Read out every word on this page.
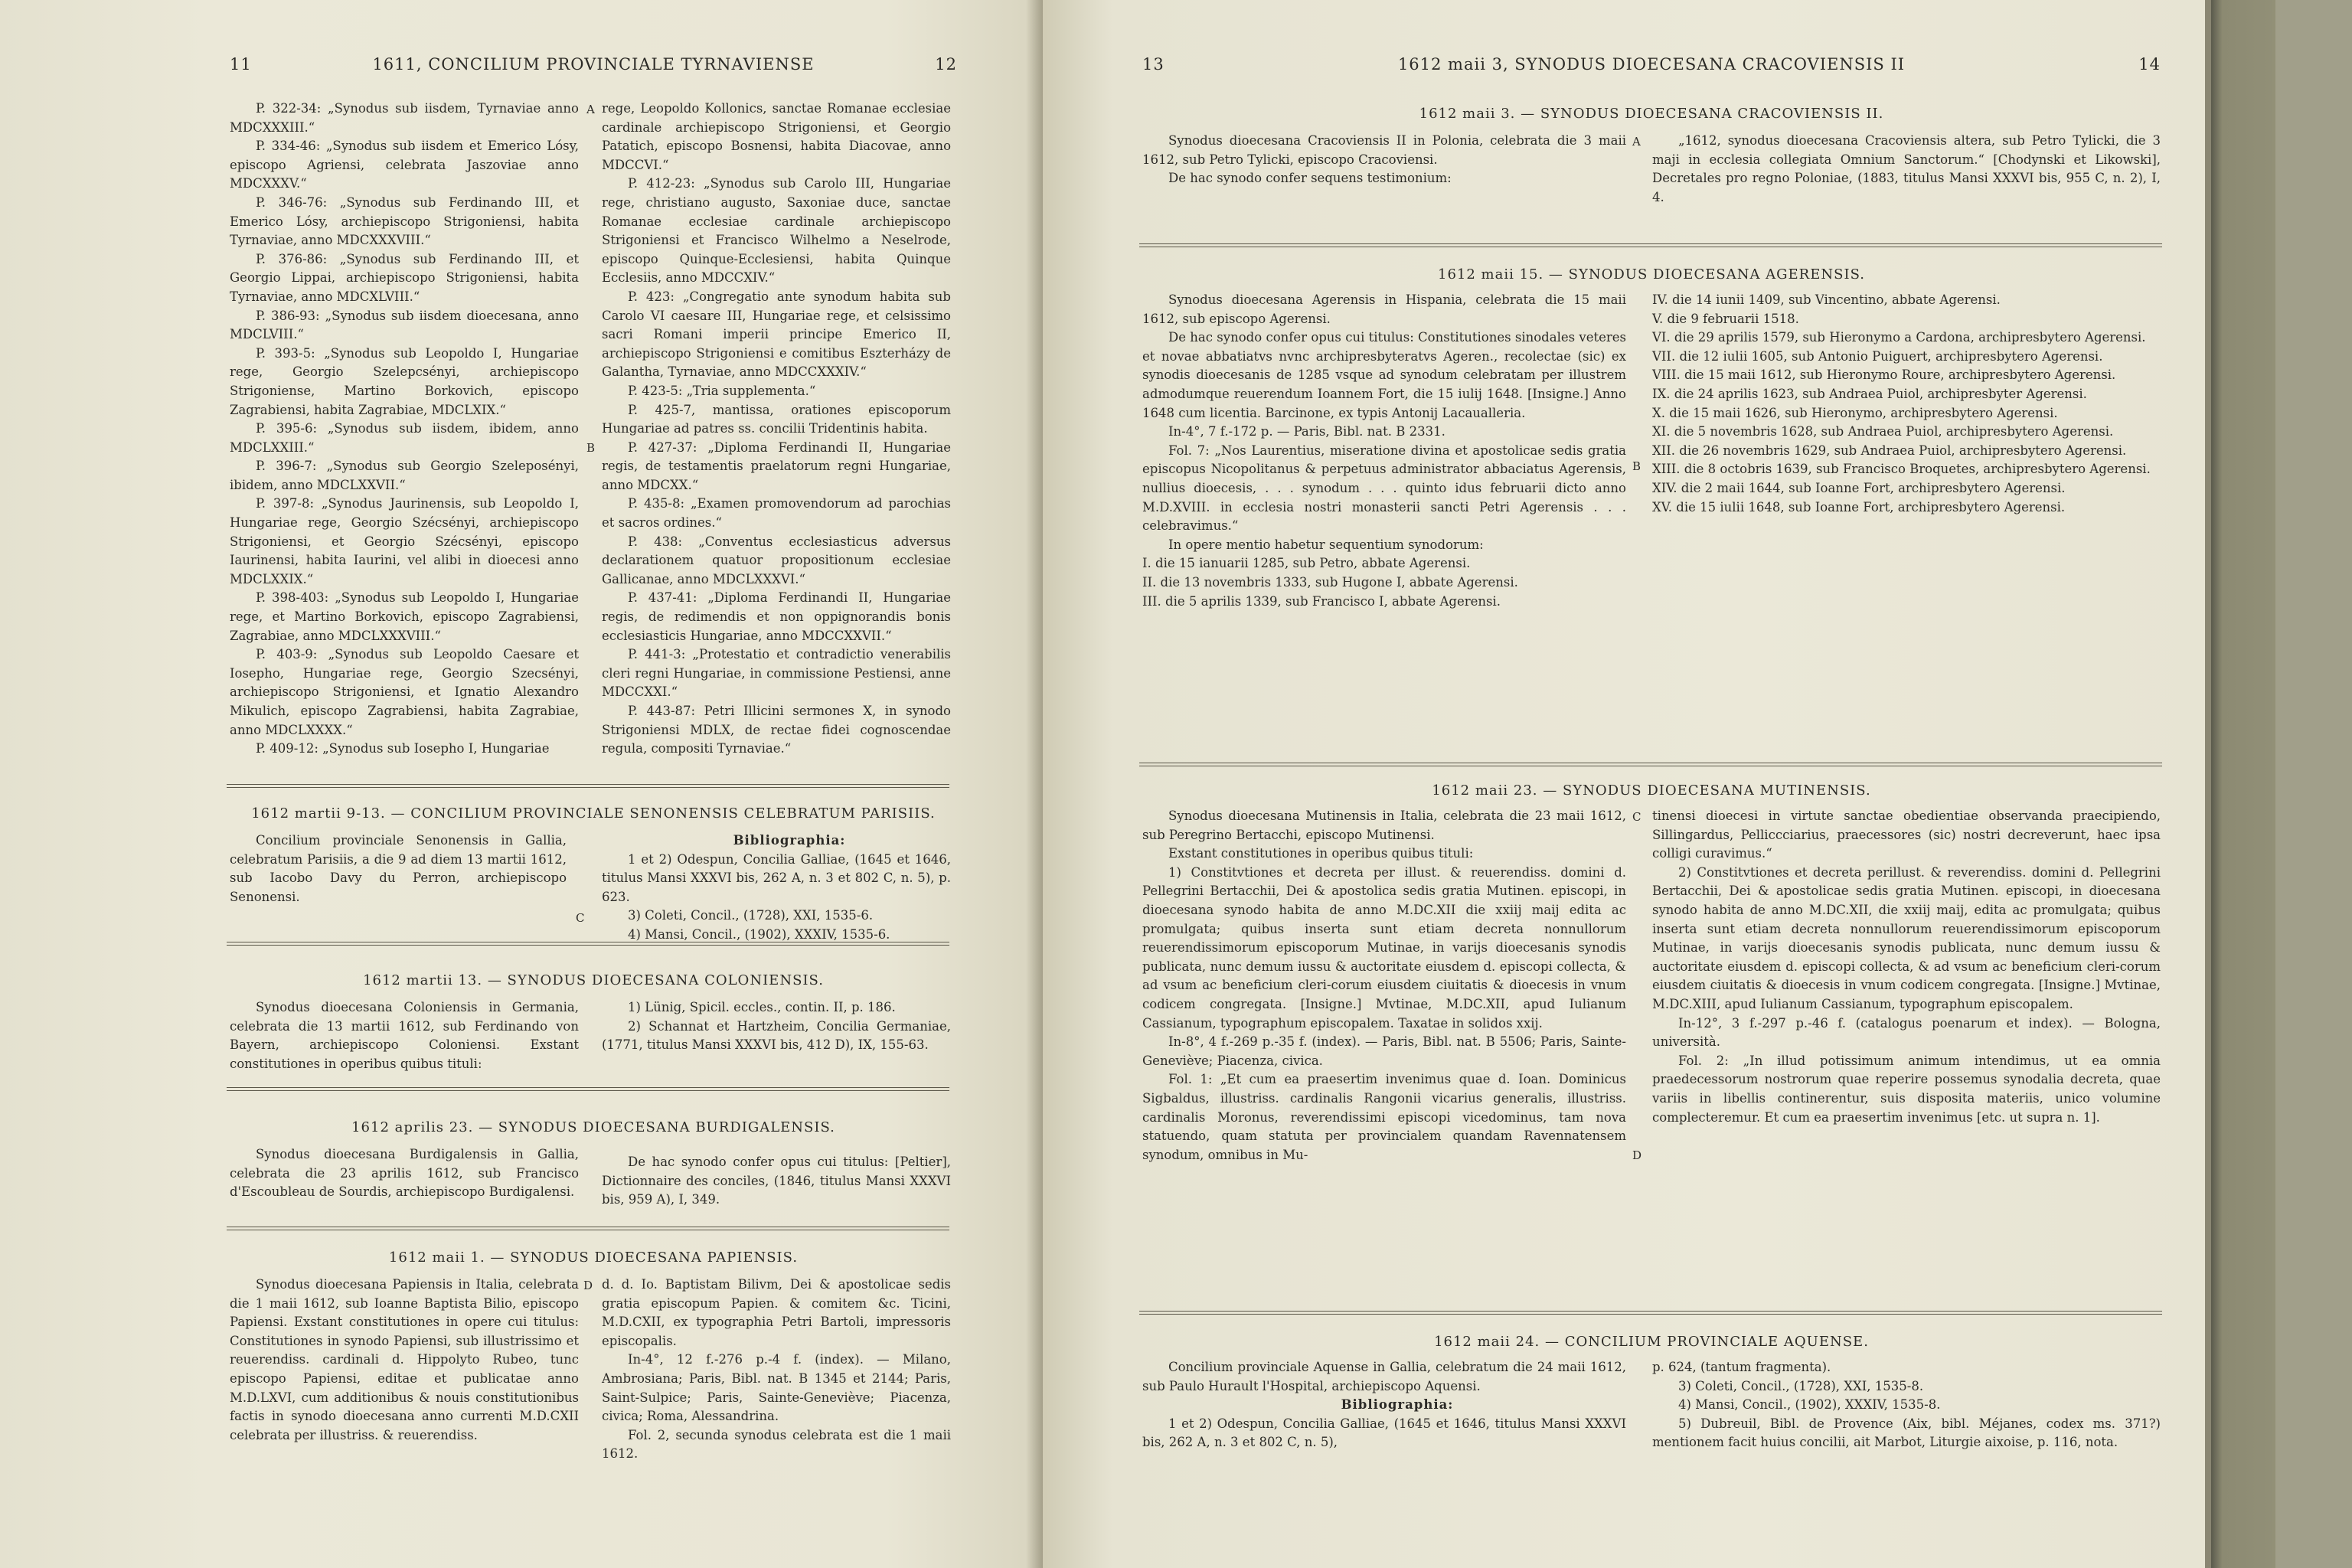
11	1611, CONCILIUM PROVINCIALE TYRNAVIENSE	12

P. 322-34: „Synodus sub iisdem, Tyrnaviae anno MDCXXXIII.“

P. 334-46: „Synodus sub iisdem et Emerico Lósy, episcopo Agriensi, celebrata Jaszoviae anno MDCXXXV.“

P. 346-76: „Synodus sub Ferdinando III, et Emerico Lósy, archiepiscopo Strigoniensi, habita Tyrnaviae, anno MDCXXXVIII.“

P. 376-86: „Synodus sub Ferdinando III, et Georgio Lippai, archiepiscopo Strigoniensi, habita Tyrnaviae, anno MDCXLVIII.“

P. 386-93: „Synodus sub iisdem dioecesana, anno MDCLVIII.“

P. 393-5: „Synodus sub Leopoldo I, Hungariae rege, Georgio Szelepcsényi, archiepiscopo Strigoniense, Martino Borkovich, episcopo Zagrabiensi, habita Zagrabiae, MDCLXIX.“

P. 395-6: „Synodus sub iisdem, ibidem, anno MDCLXXIII.“

P. 396-7: „Synodus sub Georgio Szeleposényi, ibidem, anno MDCLXXVII.“

P. 397-8: „Synodus Jaurinensis, sub Leopoldo I, Hungariae rege, Georgio Szécsényi, archiepiscopo Strigoniensi, et Georgio Szécsényi, episcopo Iaurinensi, habita Iaurini, vel alibi in dioecesi anno MDCLXXIX.“

P. 398-403: „Synodus sub Leopoldo I, Hungariae rege, et Martino Borkovich, episcopo Zagrabiensi, Zagrabiae, anno MDCLXXXVIII.“

P. 403-9: „Synodus sub Leopoldo Caesare et Iosepho, Hungariae rege, Georgio Szecsényi, archiepiscopo Strigoniensi, et Ignatio Alexandro Mikulich, episcopo Zagrabiensi, habita Zagrabiae, anno MDCLXXXX.“

P. 409-12: „Synodus sub Iosepho I, Hungariae

A
B

rege, Leopoldo Kollonics, sanctae Romanae ecclesiae cardinale archiepiscopo Strigoniensi, et Georgio Patatich, episcopo Bosnensi, habita Diacovae, anno MDCCVI.“

P. 412-23: „Synodus sub Carolo III, Hungariae rege, christiano augusto, Saxoniae duce, sanctae Romanae ecclesiae cardinale archiepiscopo Strigoniensi et Francisco Wilhelmo a Neselrode, episcopo Quinque-Ecclesiensi, habita Quinque Ecclesiis, anno MDCCXIV.“

P. 423: „Congregatio ante synodum habita sub Carolo VI caesare III, Hungariae rege, et celsissimo sacri Romani imperii principe Emerico II, archiepiscopo Strigoniensi e comitibus Eszterházy de Galantha, Tyrnaviae, anno MDCCXXXIV.“

P. 423-5: „Tria supplementa.“

P. 425-7, mantissa, orationes episcoporum Hungariae ad patres ss. concilii Tridentinis habita.

P. 427-37: „Diploma Ferdinandi II, Hungariae regis, de testamentis praelatorum regni Hungariae, anno MDCXX.“

P. 435-8: „Examen promovendorum ad parochias et sacros ordines.“

P. 438: „Conventus ecclesiasticus adversus declarationem quatuor propositionum ecclesiae Gallicanae, anno MDCLXXXVI.“

P. 437-41: „Diploma Ferdinandi II, Hungariae regis, de redimendis et non oppignorandis bonis ecclesiasticis Hungariae, anno MDCCXXVII.“

P. 441-3: „Protestatio et contradictio venerabilis cleri regni Hungariae, in commissione Pestiensi, anne MDCCXXI.“

P. 443-87: Petri Illicini sermones X, in synodo Strigoniensi MDLX, de rectae fidei cognoscendae regula, compositi Tyrnaviae.“

1612 martii 9-13. — CONCILIUM PROVINCIALE SENONENSIS CELEBRATUM PARISIIS.

Concilium provinciale Senonensis in Gallia, celebratum Parisiis, a die 9 ad diem 13 martii 1612, sub Iacobo Davy du Perron, archiepiscopo Senonensi.

Bibliographia:

1 et 2) Odespun, Concilia Galliae, (1645 et 1646, titulus Mansi XXXVI bis, 262 A, n. 3 et 802 C, n. 5), p. 623.

3) Coleti, Concil., (1728), XXI, 1535-6.

4) Mansi, Concil., (1902), XXXIV, 1535-6.

C
1612 martii 13. — SYNODUS DIOECESANA COLONIENSIS.

Synodus dioecesana Coloniensis in Germania, celebrata die 13 martii 1612, sub Ferdinando von Bayern, archiepiscopo Coloniensi. Exstant constitutiones in operibus quibus tituli:

1) Lünig, Spicil. eccles., contin. II, p. 186.

2) Schannat et Hartzheim, Concilia Germaniae, (1771, titulus Mansi XXXVI bis, 412 D), IX, 155-63.

1612 aprilis 23. — SYNODUS DIOECESANA BURDIGALENSIS.

Synodus dioecesana Burdigalensis in Gallia, celebrata die 23 aprilis 1612, sub Francisco d'Escoubleau de Sourdis, archiepiscopo Burdigalensi.

De hac synodo confer opus cui titulus: [Peltier], Dictionnaire des conciles, (1846, titulus Mansi XXXVI bis, 959 A), I, 349.

1612 maii 1. — SYNODUS DIOECESANA PAPIENSIS.

Synodus dioecesana Papiensis in Italia, celebrata die 1 maii 1612, sub Ioanne Baptista Bilio, episcopo Papiensi. Exstant constitutiones in opere cui titulus: Constitutiones in synodo Papiensi, sub illustrissimo et reuerendiss. cardinali d. Hippolyto Rubeo, tunc episcopo Papiensi, editae et publicatae anno M.D.LXVI, cum additionibus & nouis constitutionibus factis in synodo dioecesana anno currenti M.D.CXII celebrata per illustriss. & reuerendiss.

D d. d. Io. Baptistam Bilivm, Dei & apostolicae sedis gratia episcopum Papien. & comitem &c. Ticini, M.D.CXII, ex typographia Petri Bartoli, impressoris episcopalis.

In-4°, 12 f.-276 p.-4 f. (index). — Milano, Ambrosiana; Paris, Bibl. nat. B 1345 et 2144; Paris, Saint-Sulpice; Paris, Sainte-Geneviève; Piacenza, civica; Roma, Alessandrina.

Fol. 2, secunda synodus celebrata est die 1 maii 1612.

13	1612 maii 3, SYNODUS DIOECESANA CRACOVIENSIS II	14
1612 maii 3. — SYNODUS DIOECESANA CRACOVIENSIS II.

Synodus dioecesana Cracoviensis II in Polonia, celebrata die 3 maii 1612, sub Petro Tylicki, episcopo Cracoviensi.

De hac synodo confer sequens testimonium:

A	„1612, synodus dioecesana Cracoviensis altera, sub Petro Tylicki, die 3 maji in ecclesia collegiata Omnium Sanctorum.“ [Chodynski et Likowski], Decretales pro regno Poloniae, (1883, titulus Mansi XXXVI bis, 955 C, n. 2), I, 4.

1612 maii 15. — SYNODUS DIOECESANA AGERENSIS.

Synodus dioecesana Agerensis in Hispania, celebrata die 15 maii 1612, sub episcopo Agerensi.

De hac synodo confer opus cui titulus: Constitutiones sinodales veteres et novae abbatiatvs nvnc archipresbyteratvs Ageren., recolectae (sic) ex synodis dioecesanis de 1285 vsque ad synodum celebratam per illustrem admodumque reuerendum Ioannem Fort, die 15 iulij 1648. [Insigne.] Anno 1648 cum licentia. Barcinone, ex typis Antonij Lacaualleria.

In-4°, 7 f.-172 p. — Paris, Bibl. nat. B 2331.

Fol. 7: „Nos Laurentius, miseratione divina et apostolicae sedis gratia episcopus Nicopolitanus & perpetuus administrator abbaciatus Agerensis, nullius dioecesis, . . . synodum . . . quinto idus februarii dicto anno M.D.XVIII. in ecclesia nostri monasterii sancti Petri Agerensis . . . celebravimus.“

In opere mentio habetur sequentium synodorum:

I. die 15 ianuarii 1285, sub Petro, abbate Agerensi.

II. die 13 novembris 1333, sub Hugone I, abbate Agerensi.

III. die 5 aprilis 1339, sub Francisco I, abbate Agerensi.

B

IV. die 14 iunii 1409, sub Vincentino, abbate Agerensi.

V. die 9 februarii 1518.

VI. die 29 aprilis 1579, sub Hieronymo a Cardona, archipresbytero Agerensi.

VII. die 12 iulii 1605, sub Antonio Puiguert, archipresbytero Agerensi.

VIII. die 15 maii 1612, sub Hieronymo Roure, archipresbytero Agerensi.

IX. die 24 aprilis 1623, sub Andraea Puiol, archipresbyter Agerensi.

X. die 15 maii 1626, sub Hieronymo, archipresbytero Agerensi.

XI. die 5 novembris 1628, sub Andraea Puiol, archipresbytero Agerensi.

XII. die 26 novembris 1629, sub Andraea Puiol, archipresbytero Agerensi.

XIII. die 8 octobris 1639, sub Francisco Broquetes, archipresbytero Agerensi.

XIV. die 2 maii 1644, sub Ioanne Fort, archipresbytero Agerensi.

XV. die 15 iulii 1648, sub Ioanne Fort, archipresbytero Agerensi.

1612 maii 23. — SYNODUS DIOECESANA MUTINENSIS.

Synodus dioecesana Mutinensis in Italia, celebrata die 23 maii 1612, sub Peregrino Bertacchi, episcopo Mutinensi.

Exstant constitutiones in operibus quibus tituli:

1) Constitvtiones et decreta per illust. & reuerendiss. domini d. Pellegrini Bertacchii, Dei & apostolica sedis gratia Mutinen. episcopi, in dioecesana synodo habita de anno M.DC.XII die xxiij maij edita ac promulgata; quibus inserta sunt etiam decreta nonnullorum reuerendissimorum episcoporum Mutinae, in varijs dioecesanis synodis publicata, nunc demum iussu & auctoritate eiusdem d. episcopi collecta, & ad vsum ac beneficium cleri-corum eiusdem ciuitatis & dioecesis in vnum codicem congregata. [Insigne.] Mvtinae, M.DC.XII, apud Iulianum Cassianum, typographum episcopalem. Taxatae in solidos xxij.

In-8°, 4 f.-269 p.-35 f. (index). — Paris, Bibl. nat. B 5506; Paris, Sainte-Geneviève; Piacenza, civica.

Fol. 1: „Et cum ea praesertim invenimus quae d. Ioan. Dominicus Sigbaldus, illustriss. cardinalis Rangonii vicarius generalis, illustriss. cardinalis Moronus, reverendissimi episcopi vicedominus, tam nova statuendo, quam statuta per provincialem quandam Ravennatensem synodum, omnibus in Mu-

C
D

tinensi dioecesi in virtute sanctae obedientiae observanda praecipiendo, Sillingardus, Pelliccciarius, praecessores (sic) nostri decreverunt, haec ipsa colligi curavimus.“

2) Constitvtiones et decreta perillust. & reverendiss. domini d. Pellegrini Bertacchii, Dei & apostolicae sedis gratia Mutinen. episcopi, in dioecesana synodo habita de anno M.DC.XII, die xxiij maij, edita ac promulgata; quibus inserta sunt etiam decreta nonnullorum reuerendissimorum episcoporum Mutinae, in varijs dioecesanis synodis publicata, nunc demum iussu & auctoritate eiusdem d. episcopi collecta, & ad vsum ac beneficium cleri-corum eiusdem ciuitatis & dioecesis in vnum codicem congregata. [Insigne.] Mvtinae, M.DC.XIII, apud Iulianum Cassianum, typographum episcopalem.

In-12°, 3 f.-297 p.-46 f. (catalogus poenarum et index). — Bologna, università.

Fol. 2: „In illud potissimum animum intendimus, ut ea omnia praedecessorum nostrorum quae reperire possemus synodalia decreta, quae variis in libellis continerentur, suis disposita materiis, unico volumine complecteremur. Et cum ea praesertim invenimus [etc. ut supra n. 1].

1612 maii 24. — CONCILIUM PROVINCIALE AQUENSE.

Concilium provinciale Aquense in Gallia, celebratum die 24 maii 1612, sub Paulo Hurault l'Hospital, archiepiscopo Aquensi.

Bibliographia:

1 et 2) Odespun, Concilia Galliae, (1645 et 1646, titulus Mansi XXXVI bis, 262 A, n. 3 et 802 C, n. 5),

p. 624, (tantum fragmenta).

3) Coleti, Concil., (1728), XXI, 1535-8.

4) Mansi, Concil., (1902), XXXIV, 1535-8.

5) Dubreuil, Bibl. de Provence (Aix, bibl. Méjanes, codex ms. 371?) mentionem facit huius concilii, ait Marbot, Liturgie aixoise, p. 116, nota.
